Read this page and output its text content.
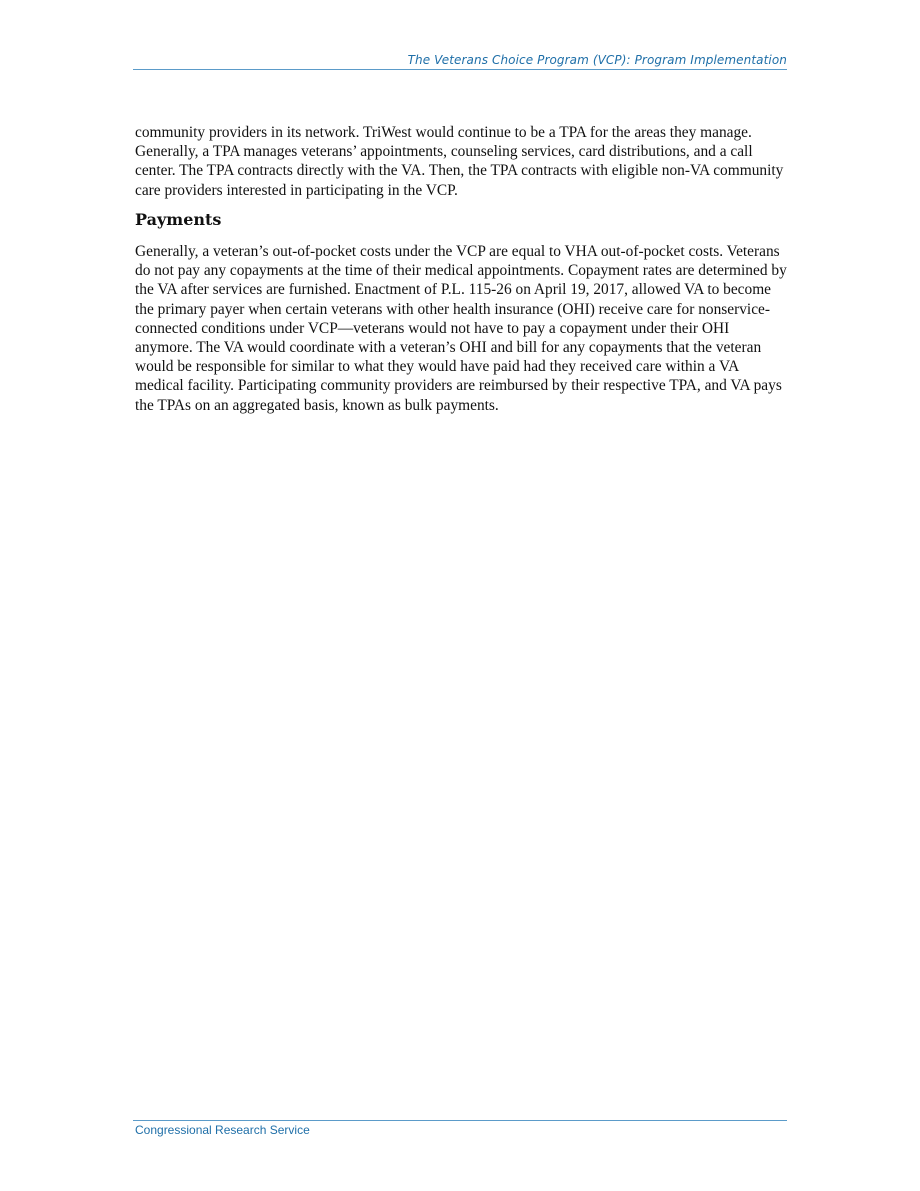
The Veterans Choice Program (VCP): Program Implementation

community providers in its network. TriWest would continue to be a TPA for the areas they manage. Generally, a TPA manages veterans’ appointments, counseling services, card distributions, and a call center. The TPA contracts directly with the VA. Then, the TPA contracts with eligible non-VA community care providers interested in participating in the VCP.

Payments

Generally, a veteran’s out-of-pocket costs under the VCP are equal to VHA out-of-pocket costs. Veterans do not pay any copayments at the time of their medical appointments. Copayment rates are determined by the VA after services are furnished. Enactment of P.L. 115-26 on April 19, 2017, allowed VA to become the primary payer when certain veterans with other health insurance (OHI) receive care for nonservice-connected conditions under VCP—veterans would not have to pay a copayment under their OHI anymore. The VA would coordinate with a veteran’s OHI and bill for any copayments that the veteran would be responsible for similar to what they would have paid had they received care within a VA medical facility. Participating community providers are reimbursed by their respective TPA, and VA pays the TPAs on an aggregated basis, known as bulk payments.

Congressional Research Service
